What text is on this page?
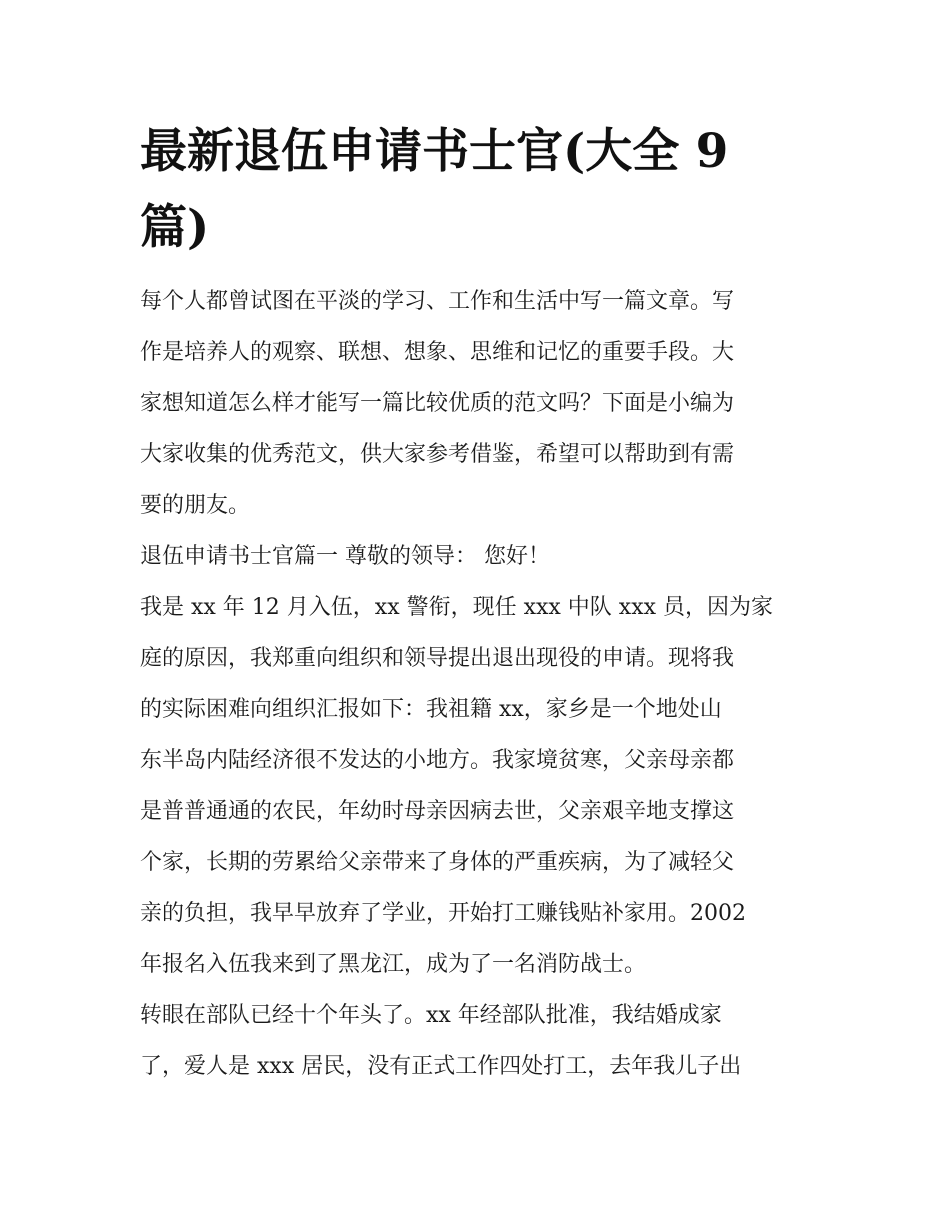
最新退伍申请书士官(大全 9
篇)
每个人都曾试图在平淡的学习、工作和生活中写一篇文章。写
作是培养人的观察、联想、想象、思维和记忆的重要手段。大
家想知道怎么样才能写一篇比较优质的范文吗？下面是小编为
大家收集的优秀范文，供大家参考借鉴，希望可以帮助到有需
要的朋友。
退伍申请书士官篇一 尊敬的领导： 您好！
我是 xx 年 12 月入伍，xx 警衔，现任 xxx 中队 xxx 员，因为家
庭的原因，我郑重向组织和领导提出退出现役的申请。现将我
的实际困难向组织汇报如下：我祖籍 xx，家乡是一个地处山
东半岛内陆经济很不发达的小地方。我家境贫寒，父亲母亲都
是普普通通的农民，年幼时母亲因病去世，父亲艰辛地支撑这
个家，长期的劳累给父亲带来了身体的严重疾病，为了减轻父
亲的负担，我早早放弃了学业，开始打工赚钱贴补家用。2002
年报名入伍我来到了黑龙江，成为了一名消防战士。
转眼在部队已经十个年头了。xx 年经部队批准，我结婚成家
了，爱人是 xxx 居民，没有正式工作四处打工，去年我儿子出
